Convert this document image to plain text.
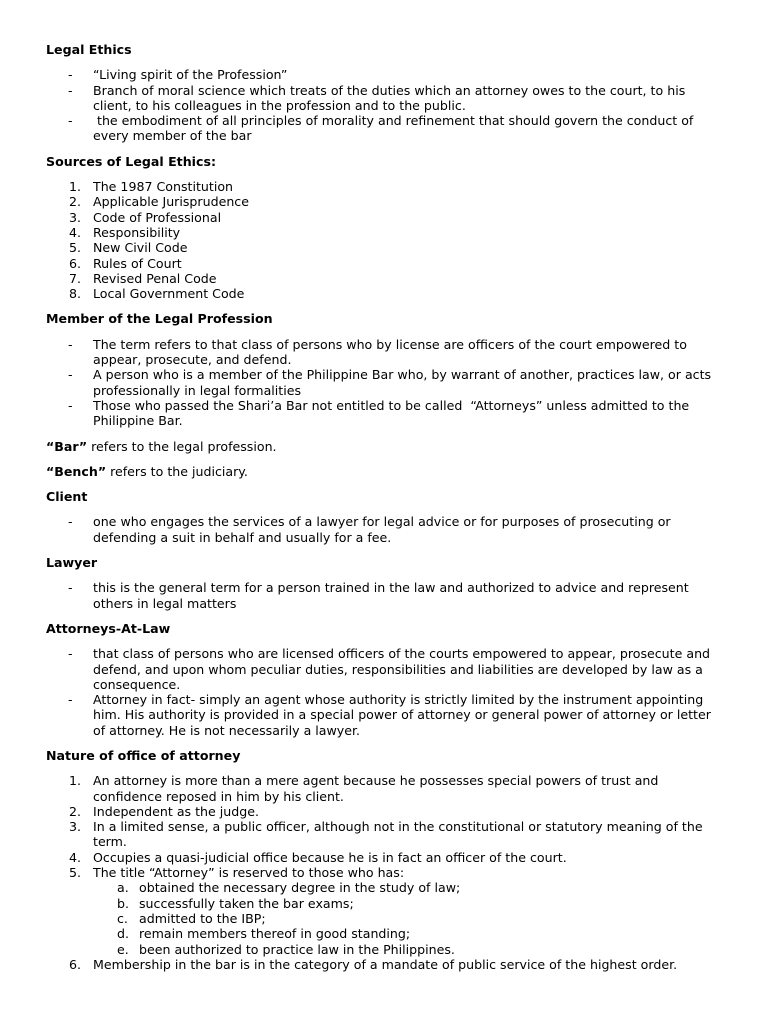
Legal Ethics
- “Living spirit of the Profession”
- Branch of moral science which treats of the duties which an attorney owes to the court, to his client, to his colleagues in the profession and to the public.
- the embodiment of all principles of morality and refinement that should govern the conduct of every member of the bar
Sources of Legal Ethics:
1. The 1987 Constitution
2. Applicable Jurisprudence
3. Code of Professional
4. Responsibility
5. New Civil Code
6. Rules of Court
7. Revised Penal Code
8. Local Government Code
Member of the Legal Profession
- The term refers to that class of persons who by license are officers of the court empowered to appear, prosecute, and defend.
- A person who is a member of the Philippine Bar who, by warrant of another, practices law, or acts professionally in legal formalities
- Those who passed the Shari’a Bar not entitled to be called  “Attorneys” unless admitted to the Philippine Bar.

“Bar” refers to the legal profession.

“Bench” refers to the judiciary.

Client
- one who engages the services of a lawyer for legal advice or for purposes of prosecuting or defending a suit in behalf and usually for a fee.
Lawyer
- this is the general term for a person trained in the law and authorized to advice and represent others in legal matters
Attorneys-At-Law
- that class of persons who are licensed officers of the courts empowered to appear, prosecute and defend, and upon whom peculiar duties, responsibilities and liabilities are developed by law as a consequence.
- Attorney in fact- simply an agent whose authority is strictly limited by the instrument appointing him. His authority is provided in a special power of attorney or general power of attorney or letter of attorney. He is not necessarily a lawyer.
Nature of office of attorney
1. An attorney is more than a mere agent because he possesses special powers of trust and confidence reposed in him by his client.
2. Independent as the judge.
3. In a limited sense, a public officer, although not in the constitutional or statutory meaning of the term.
4. Occupies a quasi-judicial office because he is in fact an officer of the court.
5. The title “Attorney” is reserved to those who has:
a. obtained the necessary degree in the study of law;
b. successfully taken the bar exams;
c. admitted to the IBP;
d. remain members thereof in good standing;
e. been authorized to practice law in the Philippines.
6. Membership in the bar is in the category of a mandate of public service of the highest order.
